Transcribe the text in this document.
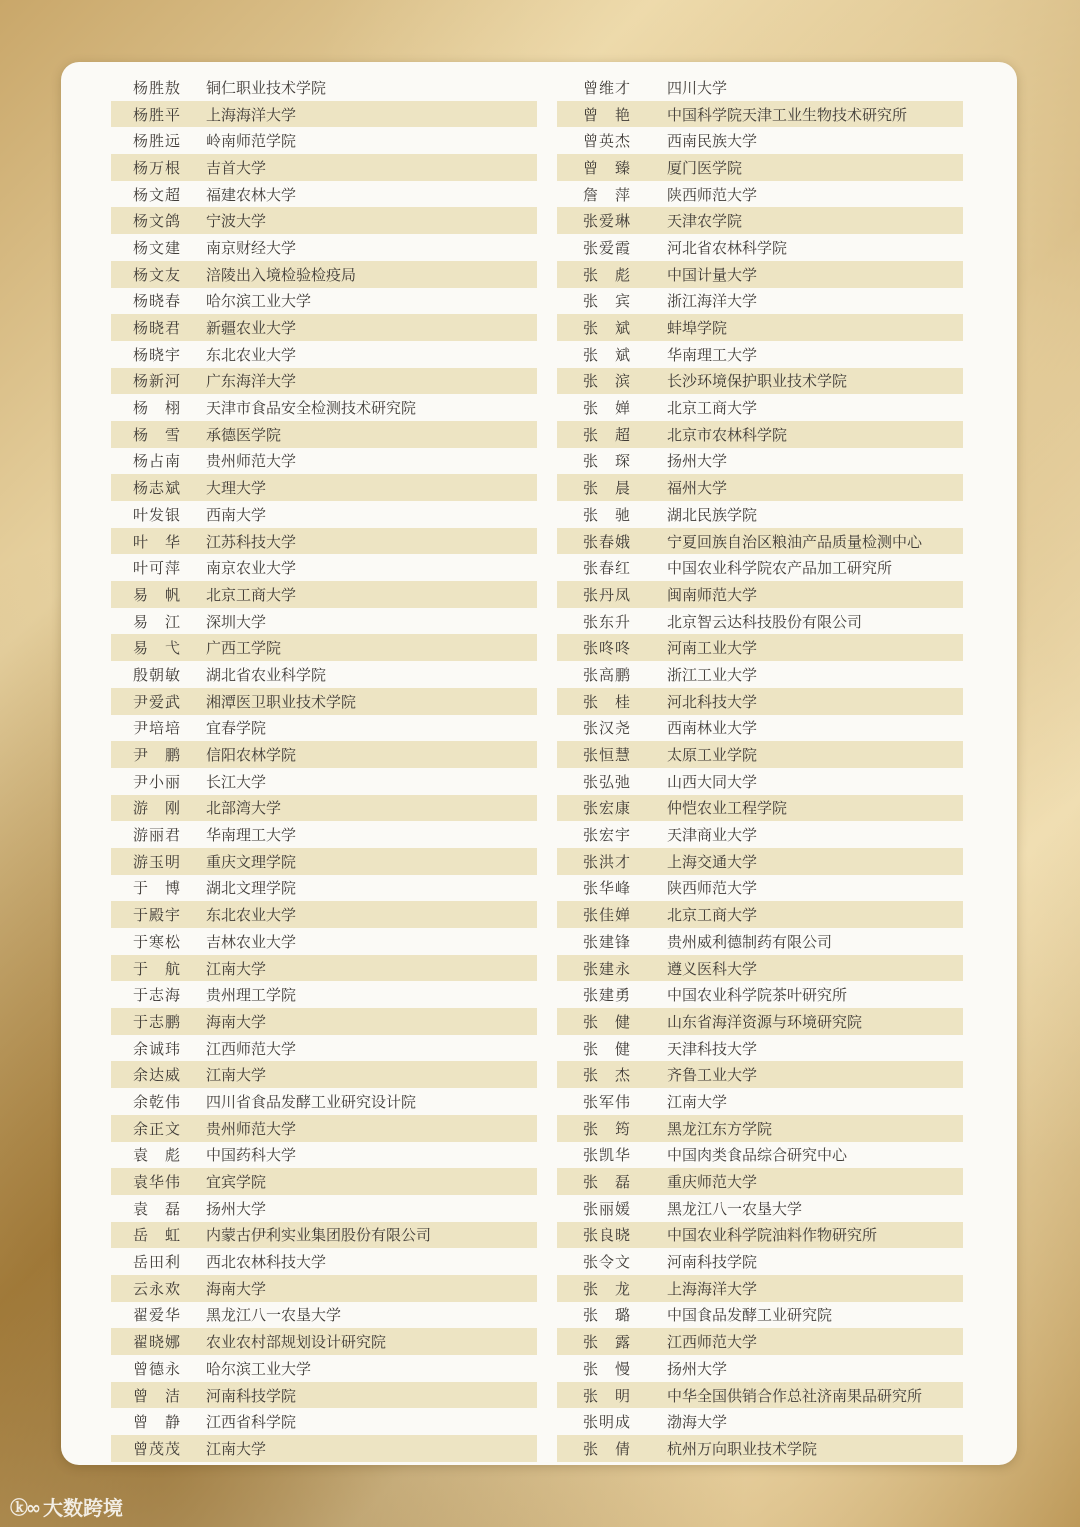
杨胜敖	铜仁职业技术学院
杨胜平	上海海洋大学
杨胜远	岭南师范学院
杨万根	吉首大学
杨文超	福建农林大学
杨文鸽	宁波大学
杨文建	南京财经大学
杨文友	涪陵出入境检验检疫局
杨晓春	哈尔滨工业大学
杨晓君	新疆农业大学
杨晓宇	东北农业大学
杨新河	广东海洋大学
杨　栩	天津市食品安全检测技术研究院
杨　雪	承德医学院
杨占南	贵州师范大学
杨志斌	大理大学
叶发银	西南大学
叶　华	江苏科技大学
叶可萍	南京农业大学
易　帆	北京工商大学
易　江	深圳大学
易　弋	广西工学院
殷朝敏	湖北省农业科学院
尹爱武	湘潭医卫职业技术学院
尹培培	宜春学院
尹　鹏	信阳农林学院
尹小丽	长江大学
游　刚	北部湾大学
游丽君	华南理工大学
游玉明	重庆文理学院
于　博	湖北文理学院
于殿宇	东北农业大学
于寒松	吉林农业大学
于　航	江南大学
于志海	贵州理工学院
于志鹏	海南大学
余诚玮	江西师范大学
余达威	江南大学
余乾伟	四川省食品发酵工业研究设计院
余正文	贵州师范大学
袁　彪	中国药科大学
袁华伟	宜宾学院
袁　磊	扬州大学
岳　虹	内蒙古伊利实业集团股份有限公司
岳田利	西北农林科技大学
云永欢	海南大学
翟爱华	黑龙江八一农垦大学
翟晓娜	农业农村部规划设计研究院
曾德永	哈尔滨工业大学
曾　洁	河南科技学院
曾　静	江西省科学院
曾茂茂	江南大学
曾维才	四川大学
曾　艳	中国科学院天津工业生物技术研究所
曾英杰	西南民族大学
曾　臻	厦门医学院
詹　萍	陕西师范大学
张爱琳	天津农学院
张爱霞	河北省农林科学院
张　彪	中国计量大学
张　宾	浙江海洋大学
张　斌	蚌埠学院
张　斌	华南理工大学
张　滨	长沙环境保护职业技术学院
张　婵	北京工商大学
张　超	北京市农林科学院
张　琛	扬州大学
张　晨	福州大学
张　驰	湖北民族学院
张春娥	宁夏回族自治区粮油产品质量检测中心
张春红	中国农业科学院农产品加工研究所
张丹凤	闽南师范大学
张东升	北京智云达科技股份有限公司
张咚咚	河南工业大学
张高鹏	浙江工业大学
张　桂	河北科技大学
张汉尧	西南林业大学
张恒慧	太原工业学院
张弘弛	山西大同大学
张宏康	仲恺农业工程学院
张宏宇	天津商业大学
张洪才	上海交通大学
张华峰	陕西师范大学
张佳婵	北京工商大学
张建锋	贵州威利德制药有限公司
张建永	遵义医科大学
张建勇	中国农业科学院茶叶研究所
张　健	山东省海洋资源与环境研究院
张　健	天津科技大学
张　杰	齐鲁工业大学
张军伟	江南大学
张　筠	黑龙江东方学院
张凯华	中国肉类食品综合研究中心
张　磊	重庆师范大学
张丽媛	黑龙江八一农垦大学
张良晓	中国农业科学院油料作物研究所
张令文	河南科技学院
张　龙	上海海洋大学
张　璐	中国食品发酵工业研究院
张　露	江西师范大学
张　慢	扬州大学
张　明	中华全国供销合作总社济南果品研究所
张明成	渤海大学
张　倩	杭州万向职业技术学院
ⓚ∞ 大数跨境
